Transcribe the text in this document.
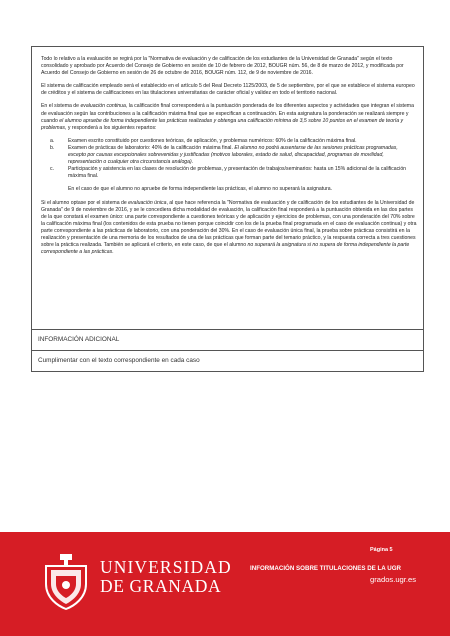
Todo lo relativo a la evaluación se regirá por la "Normativa de evaluación y de calificación de los estudiantes de la Universidad de Granada" según el texto consolidado y aprobado por Acuerdo del Consejo de Gobierno en sesión de 10 de febrero de 2012, BOUGR núm. 56, de 8 de marzo de 2012, y modificada por Acuerdo del Consejo de Gobierno en sesión de 26 de octubre de 2016, BOUGR núm. 112, de 9 de noviembre de 2016.

El sistema de calificación empleado será el establecido en el artículo 5 del Real Decreto 1125/2003, de 5 de septiembre, por el que se establece el sistema europeo de créditos y el sistema de calificaciones en las titulaciones universitarias de carácter oficial y validez en todo el territorio nacional.

En el sistema de evaluación continua, la calificación final corresponderá a la puntuación ponderada de los diferentes aspectos y actividades que integran el sistema de evaluación según las contribuciones a la calificación máxima final que se especifican a continuación. En esta asignatura la ponderación se realizará siempre y cuando el alumno apruebe de forma independiente las prácticas realizadas y obtenga una calificación mínima de 3,5 sobre 10 puntos en el examen de teoría y problemas, y responderá a los siguientes repartos:

a.	Examen escrito constituido por cuestiones teóricas, de aplicación, y problemas numéricos: 60% de la calificación máxima final.
b.	Examen de prácticas de laboratorio: 40% de la calificación máxima final. El alumno no podrá ausentarse de las sesiones prácticas programadas, excepto por causas excepcionales sobrevenidas y justificadas (motivos laborales, estado de salud, discapacidad, programas de movilidad, representación o cualquier otra circunstancia análoga).
c.	Participación y asistencia en las clases de resolución de problemas, y presentación de trabajos/seminarios: hasta un 15% adicional de la calificación máxima final.

En el caso de que el alumno no apruebe de forma independiente las prácticas, el alumno no superará la asignatura.

Si el alumno optase por el sistema de evaluación única, al que hace referencia la "Normativa de evaluación y de calificación de los estudiantes de la Universidad de Granada" de 9 de noviembre de 2016, y se le concediera dicha modalidad de evaluación, la calificación final responderá a la puntuación obtenida en las dos partes de la que constará el examen único: una parte correspondiente a cuestiones teóricas y de aplicación y ejercicios de problemas, con una ponderación del 70% sobre la calificación máxima final (los contenidos de esta prueba no tienen porque coincidir con los de la prueba final programada en el caso de evaluación continua) y otra parte correspondiente a las prácticas de laboratorio, con una ponderación del 30%. En el caso de evaluación única final, la prueba sobre prácticas consistirá en la realización y presentación de una memoria de los resultados de una de las prácticas que forman parte del temario práctico, y la respuesta correcta a tres cuestiones sobre la práctica realizada. También se aplicará el criterio, en este caso, de que el alumno no superará la asignatura si no supera de forma independiente la parte correspondiente a las prácticas.

INFORMACIÓN ADICIONAL
Cumplimentar con el texto correspondiente en cada caso
UNIVERSIDAD
DE GRANADA
Página 5
INFORMACIÓN SOBRE TITULACIONES DE LA UGR
grados.ugr.es
